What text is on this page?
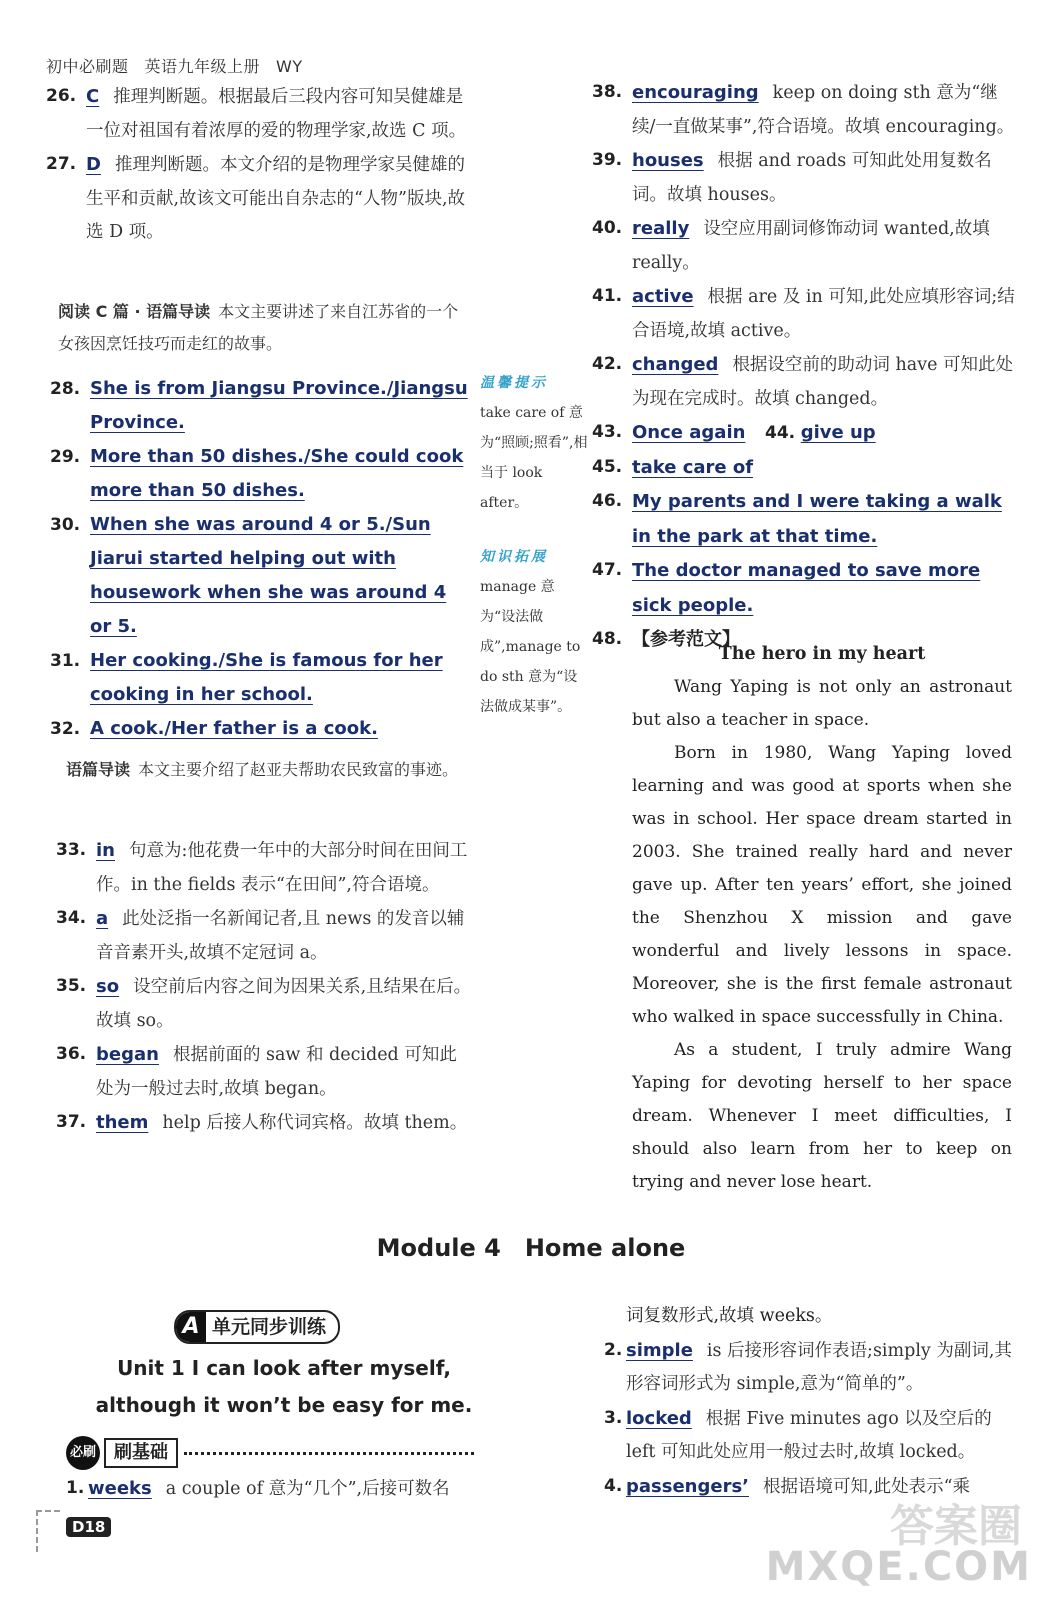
初中必刷题 英语九年级上册 WY
26. C 推理判断题。根据最后三段内容可知吴健雄是一位对祖国有着浓厚的爱的物理学家,故选 C 项。
27. D 推理判断题。本文介绍的是物理学家吴健雄的生平和贡献,故该文可能出自杂志的“人物”版块,故选 D 项。
阅读 C 篇 · 语篇导读 本文主要讲述了来自江苏省的一个女孩因烹饪技巧而走红的故事。
28. She is from Jiangsu Province./Jiangsu Province.
29. More than 50 dishes./She could cook more than 50 dishes.
30. When she was around 4 or 5./Sun Jiarui started helping out with housework when she was around 4 or 5.
31. Her cooking./She is famous for her cooking in her school.
32. A cook./Her father is a cook.
语篇导读 本文主要介绍了赵亚夫帮助农民致富的事迹。
33. in 句意为:他花费一年中的大部分时间在田间工作。in the fields 表示“在田间”,符合语境。
34. a 此处泛指一名新闻记者,且 news 的发音以辅音音素开头,故填不定冠词 a。
35. so 设空前后内容之间为因果关系,且结果在后。故填 so。
36. began 根据前面的 saw 和 decided 可知此处为一般过去时,故填 began。
37. them help 后接人称代词宾格。故填 them。
温馨提示
take care of 意为“照顾;照看”,相当于 look after。
知识拓展
manage 意为“设法做成”,manage to do sth 意为“设法做成某事”。
38. encouraging keep on doing sth 意为“继续/一直做某事”,符合语境。故填 encouraging。
39. houses 根据 and roads 可知此处用复数名词。故填 houses。
40. really 设空应用副词修饰动词 wanted,故填 really。
41. active 根据 are 及 in 可知,此处应填形容词;结合语境,故填 active。
42. changed 根据设空前的助动词 have 可知此处为现在完成时。故填 changed。
43. Once again 44. give up
45. take care of
46. My parents and I were taking a walk in the park at that time.
47. The doctor managed to save more sick people.
48. 【参考范文】
The hero in my heart

Wang Yaping is not only an astronaut but also a teacher in space.

Born in 1980, Wang Yaping loved learning and was good at sports when she was in school. Her space dream started in 2003. She trained really hard and never gave up. After ten years’ effort, she joined the Shenzhou X mission and gave wonderful and lively lessons in space. Moreover, she is the first female astronaut who walked in space successfully in China.

As a student, I truly admire Wang Yaping for devoting herself to her space dream. Whenever I meet difficulties, I should also learn from her to keep on trying and never lose heart.

Module 4 Home alone
A 单元同步训练
Unit 1 I can look after myself,
although it won’t be easy for me.
必刷 刷基础
1. weeks a couple of 意为“几个”,后接可数名
词复数形式,故填 weeks。
2. simple is 后接形容词作表语;simply 为副词,其形容词形式为 simple,意为“简单的”。
3. locked 根据 Five minutes ago 以及空后的 left 可知此处应用一般过去时,故填 locked。
4. passengers’ 根据语境可知,此处表示“乘
D18	答案圈
MXQE.COM
